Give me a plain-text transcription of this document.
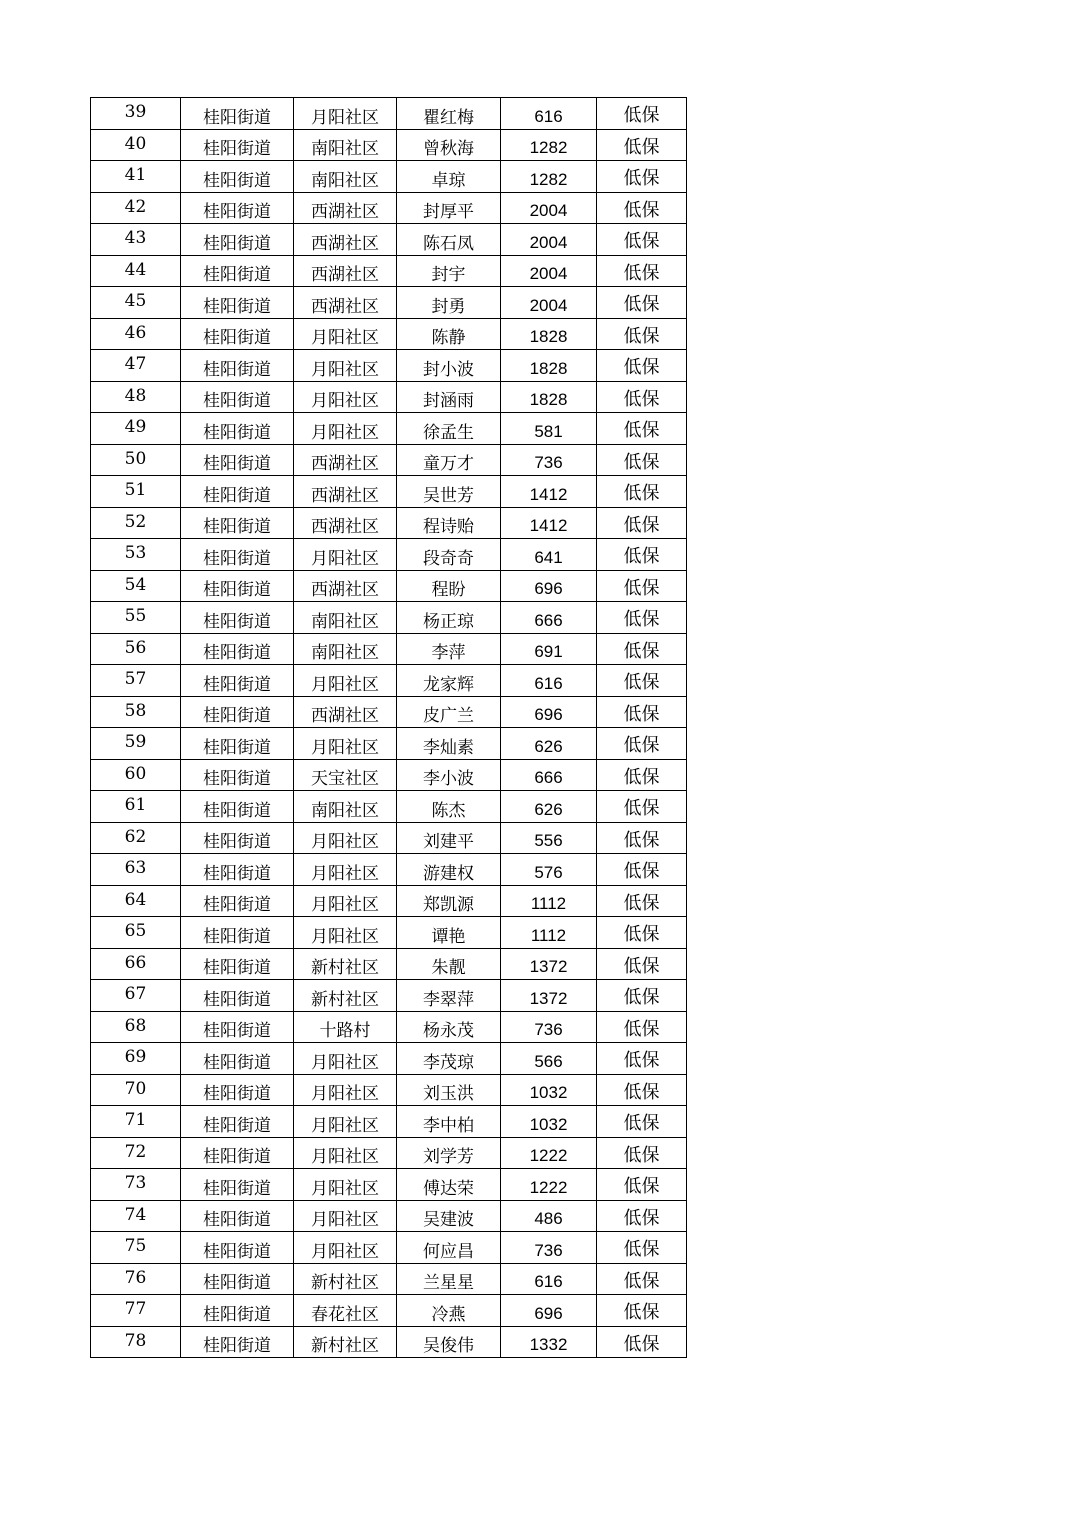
39	桂阳街道	月阳社区	瞿红梅	616	低保
40	桂阳街道	南阳社区	曾秋海	1282	低保
41	桂阳街道	南阳社区	卓琼	1282	低保
42	桂阳街道	西湖社区	封厚平	2004	低保
43	桂阳街道	西湖社区	陈石凤	2004	低保
44	桂阳街道	西湖社区	封宇	2004	低保
45	桂阳街道	西湖社区	封勇	2004	低保
46	桂阳街道	月阳社区	陈静	1828	低保
47	桂阳街道	月阳社区	封小波	1828	低保
48	桂阳街道	月阳社区	封涵雨	1828	低保
49	桂阳街道	月阳社区	徐孟生	581	低保
50	桂阳街道	西湖社区	童万才	736	低保
51	桂阳街道	西湖社区	吴世芳	1412	低保
52	桂阳街道	西湖社区	程诗贻	1412	低保
53	桂阳街道	月阳社区	段奇奇	641	低保
54	桂阳街道	西湖社区	程盼	696	低保
55	桂阳街道	南阳社区	杨正琼	666	低保
56	桂阳街道	南阳社区	李萍	691	低保
57	桂阳街道	月阳社区	龙家辉	616	低保
58	桂阳街道	西湖社区	皮广兰	696	低保
59	桂阳街道	月阳社区	李灿素	626	低保
60	桂阳街道	天宝社区	李小波	666	低保
61	桂阳街道	南阳社区	陈杰	626	低保
62	桂阳街道	月阳社区	刘建平	556	低保
63	桂阳街道	月阳社区	游建权	576	低保
64	桂阳街道	月阳社区	郑凯源	1112	低保
65	桂阳街道	月阳社区	谭艳	1112	低保
66	桂阳街道	新村社区	朱靓	1372	低保
67	桂阳街道	新村社区	李翠萍	1372	低保
68	桂阳街道	十路村	杨永茂	736	低保
69	桂阳街道	月阳社区	李茂琼	566	低保
70	桂阳街道	月阳社区	刘玉洪	1032	低保
71	桂阳街道	月阳社区	李中柏	1032	低保
72	桂阳街道	月阳社区	刘学芳	1222	低保
73	桂阳街道	月阳社区	傅达荣	1222	低保
74	桂阳街道	月阳社区	吴建波	486	低保
75	桂阳街道	月阳社区	何应昌	736	低保
76	桂阳街道	新村社区	兰星星	616	低保
77	桂阳街道	春花社区	冷燕	696	低保
78	桂阳街道	新村社区	吴俊伟	1332	低保
